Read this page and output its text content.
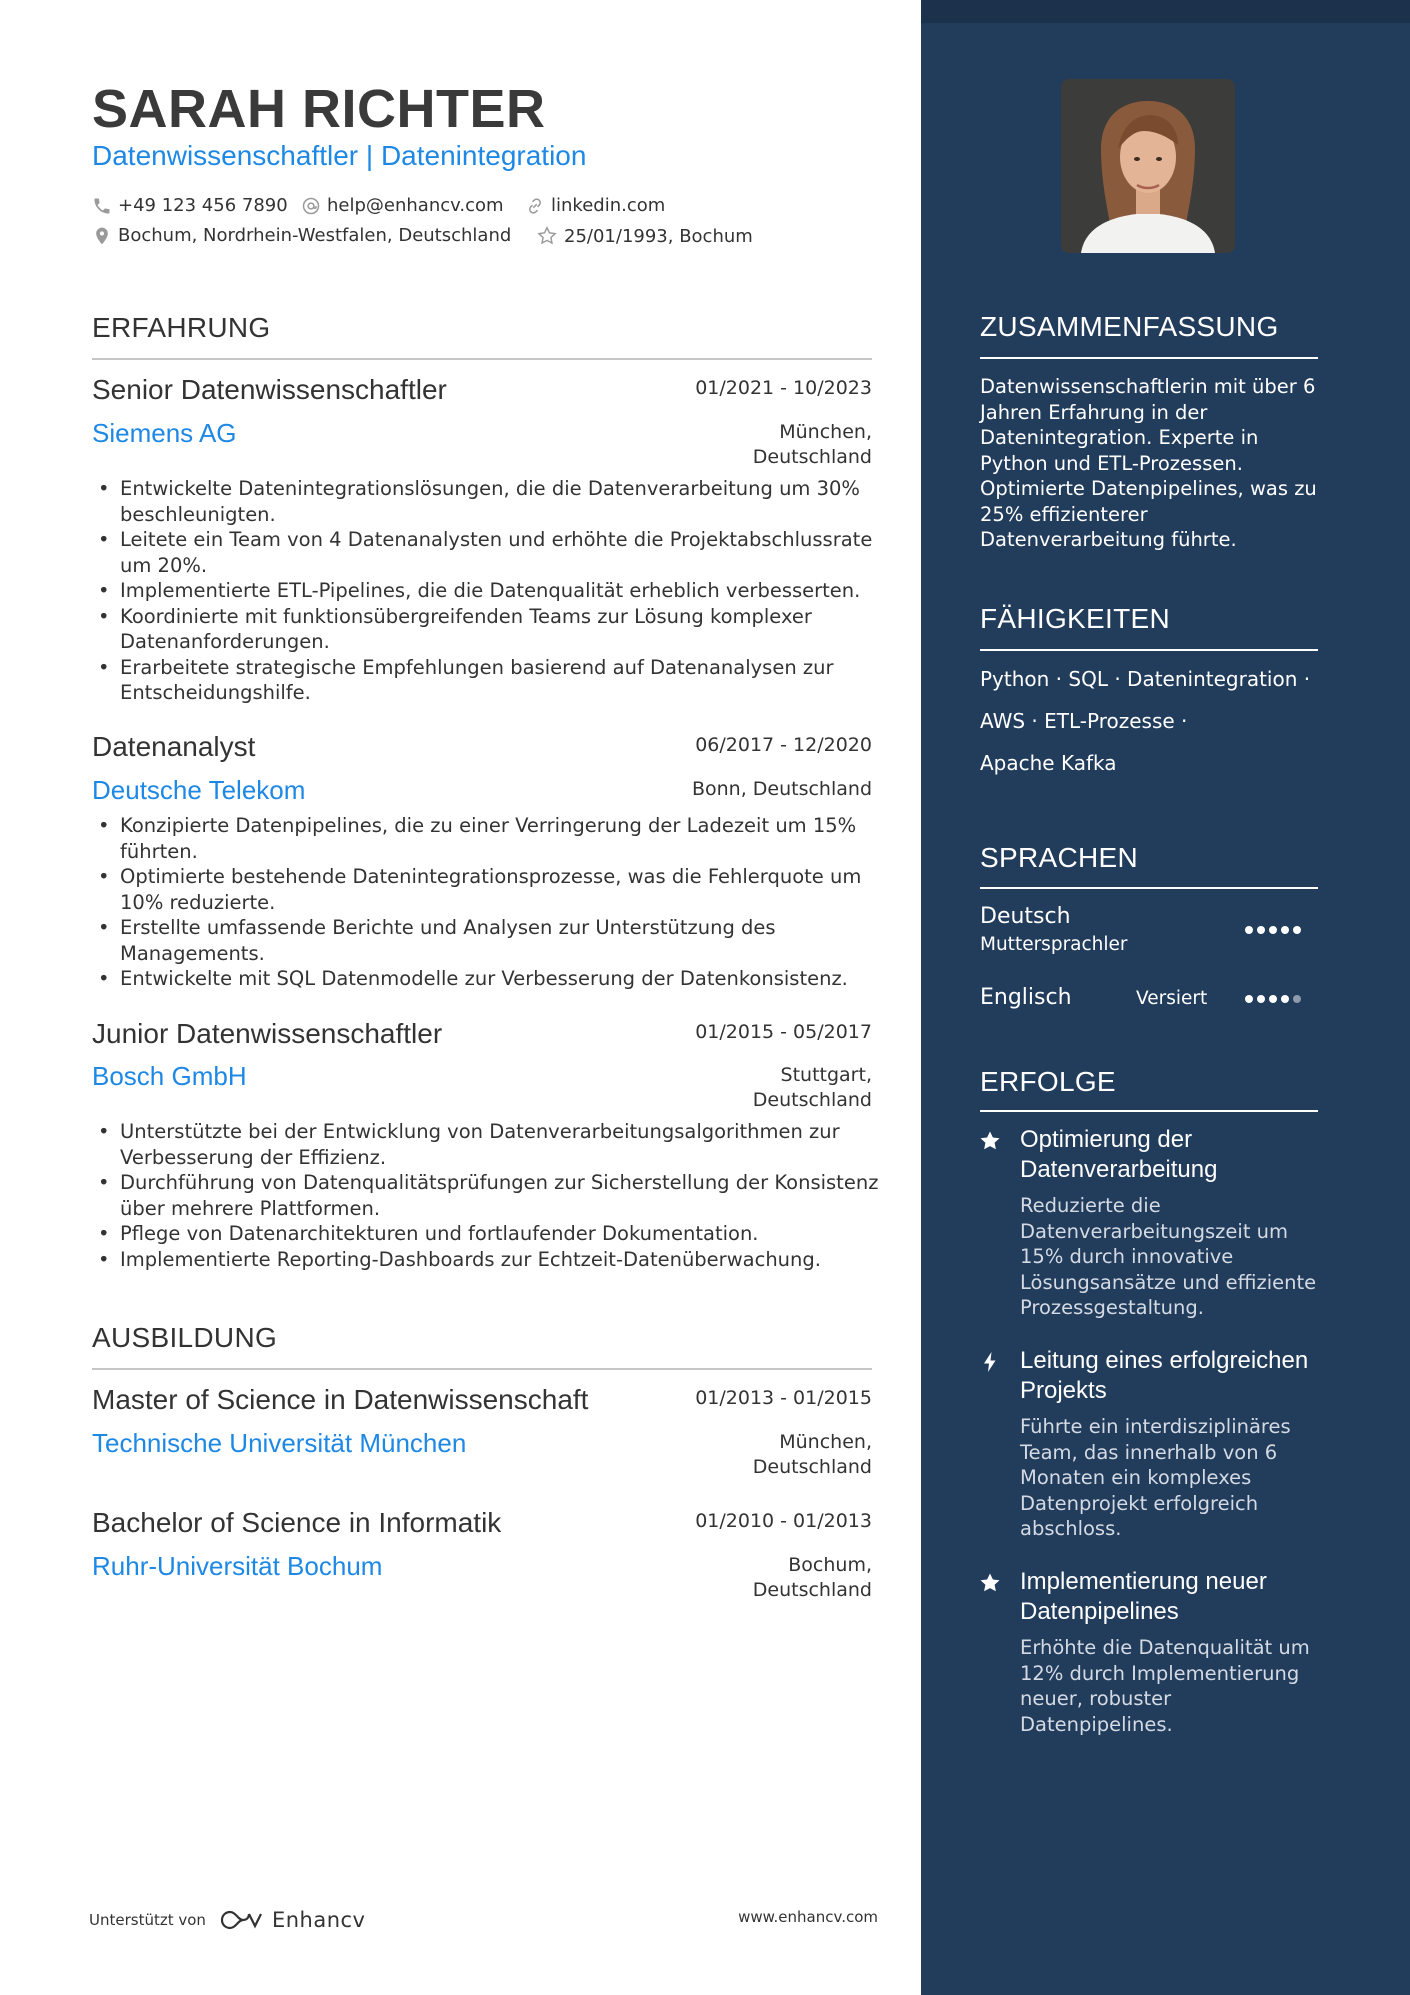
SARAH RICHTER
Datenwissenschaftler | Datenintegration
+49 123 456 7890 help@enhancv.com	linkedin.com
Bochum, Nordrhein-Westfalen, Deutschland	25/01/1993, Bochum
ERFAHRUNG
Senior Datenwissenschaftler	01/2021 - 10/2023
Siemens AG	München,
Deutschland
• Entwickelte Datenintegrationslösungen, die die Datenverarbeitung um 30% beschleunigten.
• Leitete ein Team von 4 Datenanalysten und erhöhte die Projektabschlussrate um 20%.
• Implementierte ETL-Pipelines, die die Datenqualität erheblich verbesserten.
• Koordinierte mit funktionsübergreifenden Teams zur Lösung komplexer Datenanforderungen.
• Erarbeitete strategische Empfehlungen basierend auf Datenanalysen zur Entscheidungshilfe.
Datenanalyst	06/2017 - 12/2020
Deutsche Telekom	Bonn, Deutschland
• Konzipierte Datenpipelines, die zu einer Verringerung der Ladezeit um 15% führten.
• Optimierte bestehende Datenintegrationsprozesse, was die Fehlerquote um 10% reduzierte.
• Erstellte umfassende Berichte und Analysen zur Unterstützung des Managements.
• Entwickelte mit SQL Datenmodelle zur Verbesserung der Datenkonsistenz.
Junior Datenwissenschaftler	01/2015 - 05/2017
Bosch GmbH	Stuttgart,
Deutschland
• Unterstützte bei der Entwicklung von Datenverarbeitungsalgorithmen zur Verbesserung der Effizienz.
• Durchführung von Datenqualitätsprüfungen zur Sicherstellung der Konsistenz über mehrere Plattformen.
• Pflege von Datenarchitekturen und fortlaufender Dokumentation.
• Implementierte Reporting-Dashboards zur Echtzeit-Datenüberwachung.
AUSBILDUNG
Master of Science in Datenwissenschaft	01/2013 - 01/2015
Technische Universität München	München,
Deutschland
Bachelor of Science in Informatik	01/2010 - 01/2013
Ruhr-Universität Bochum	Bochum,
Deutschland
Unterstützt von	Enhancv	www.enhancv.com
ZUSAMMENFASSUNG
Datenwissenschaftlerin mit über 6 Jahren Erfahrung in der Datenintegration. Experte in Python und ETL-Prozessen. Optimierte Datenpipelines, was zu 25% effizienterer Datenverarbeitung führte.
FÄHIGKEITEN
Python · SQL · Datenintegration ·
AWS · ETL-Prozesse ·
Apache Kafka
SPRACHEN
Deutsch
Muttersprachler
Englisch	Versiert
ERFOLGE
Optimierung der Datenverarbeitung
Reduzierte die Datenverarbeitungszeit um 15% durch innovative Lösungsansätze und effiziente Prozessgestaltung.
Leitung eines erfolgreichen Projekts
Führte ein interdisziplinäres Team, das innerhalb von 6 Monaten ein komplexes Datenprojekt erfolgreich abschloss.
Implementierung neuer Datenpipelines
Erhöhte die Datenqualität um 12% durch Implementierung neuer, robuster Datenpipelines.
